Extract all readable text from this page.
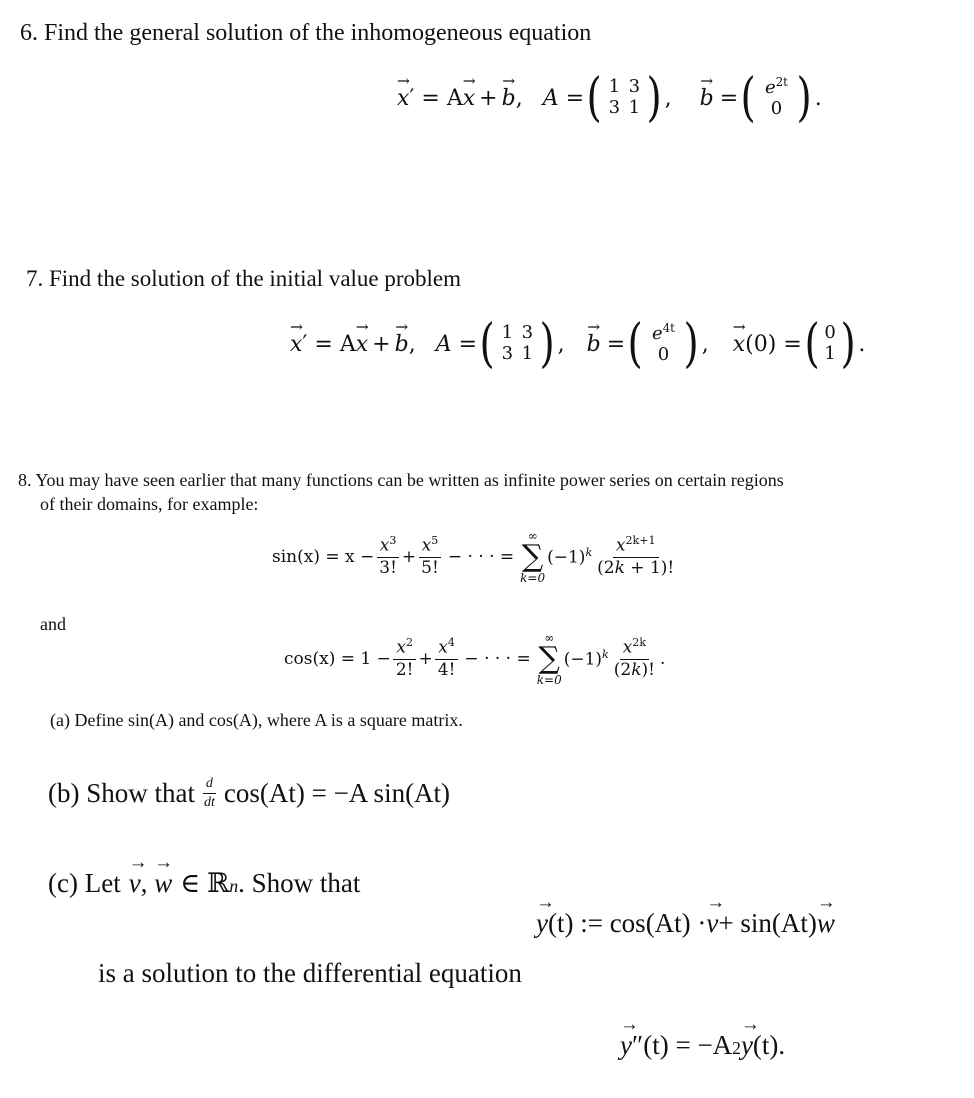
6. Find the general solution of the inhomogeneous equation
→ x ′ = A → x + → b , A = ( 1 3
3 1 ) , → b = ( $e^{2t}$
0 ) .
7. Find the solution of the initial value problem
→ x ′ = A → x + → b , A = ( 1 3
3 1 ) , → b = ( $e^{4t}$
0 ) , → x (0) = ( 0
1 ) .
8. You may have seen earlier that many functions can be written as infinite power series on certain regions
of their domains, for example:
$\sin(x) = x - \frac{x^3}{3!} + \frac{x^5}{5!}$ − · · · =
∞
∑
k=0
$(-1)^k \frac{x^{2k+1}}{(2k + 1)!}$
and
$\cos(x) = 1 - \frac{x^2}{2!} + \frac{x^4}{4!}$ − · · · =
∞
∑
k=0
$(-1)^k \frac{x^{2k}}{(2k)!}$ .
(a) Define sin(A) and cos(A), where A is a square matrix.
(b) Show that $\frac{d}{dt} \cos(At) = -A$ sin(At)
(c) Let → v , → w ∈ ℝ n . Show that
→ y (t) := cos(At) · → v + sin(At) → w
is a solution to the differential equation
→ y ″(t) = −A 2 → y (t).
